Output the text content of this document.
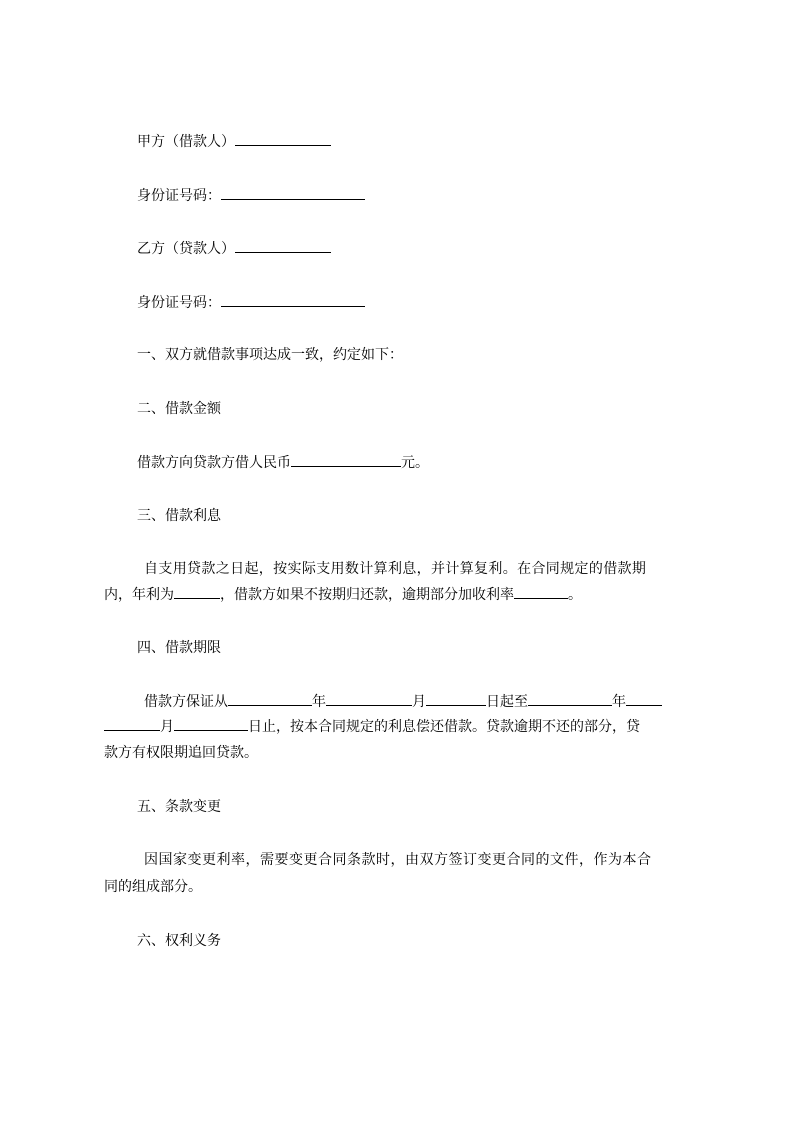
甲方（借款人）
身份证号码：
乙方（贷款人）
身份证号码：
一、双方就借款事项达成一致，约定如下：
二、借款金额
借款方向贷款方借人民币	元。
三、借款利息
自支用贷款之日起，按实际支用数计算利息，并计算复利。在合同规定的借款期
内，年利为	，借款方如果不按期归还款，逾期部分加收利率	。
四、借款期限
借款方保证从	年	月	日起至	年
月	日止，按本合同规定的利息偿还借款。贷款逾期不还的部分，贷
款方有权限期追回贷款。
五、条款变更
因国家变更利率，需要变更合同条款时，由双方签订变更合同的文件，作为本合
同的组成部分。
六、权利义务
